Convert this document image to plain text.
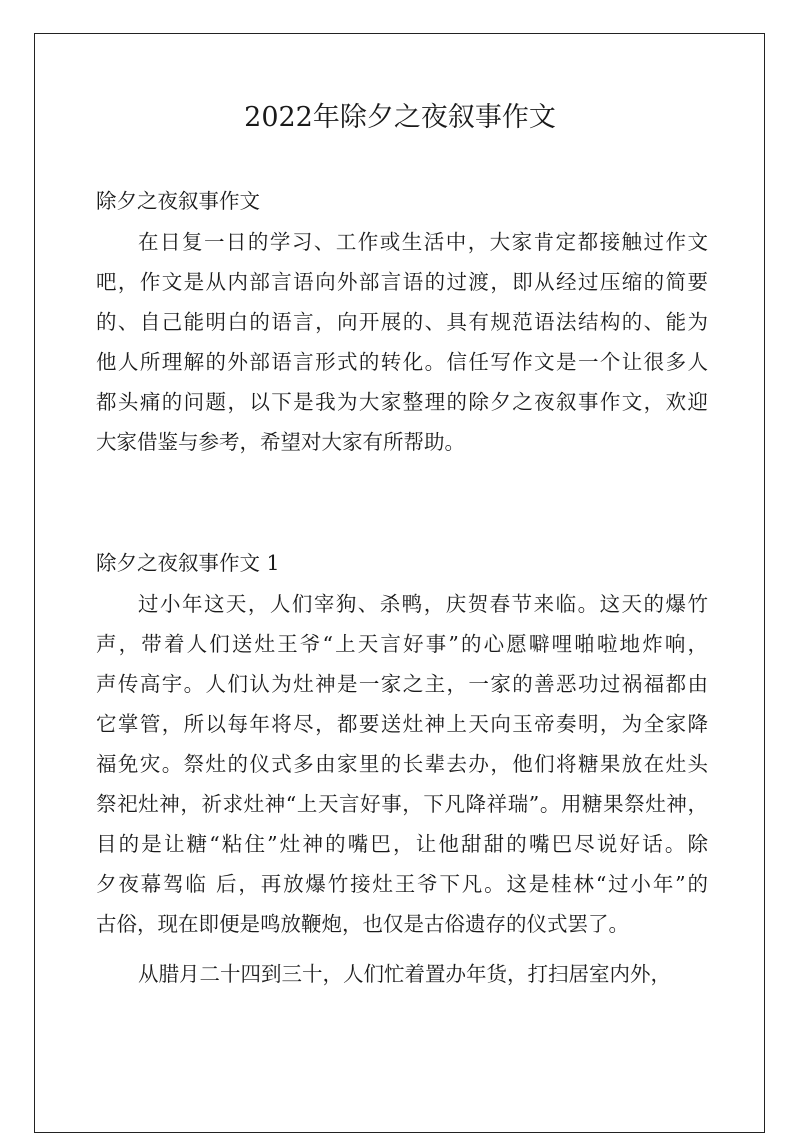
2022年除夕之夜叙事作文
除夕之夜叙事作文
在日复一日的学习、工作或生活中，大家肯定都接触过作文
吧，作文是从内部言语向外部言语的过渡，即从经过压缩的简要
的、自己能明白的语言，向开展的、具有规范语法结构的、能为
他人所理解的外部语言形式的转化。信任写作文是一个让很多人
都头痛的问题，以下是我为大家整理的除夕之夜叙事作文，欢迎
大家借鉴与参考，希望对大家有所帮助。
除夕之夜叙事作文 1
过小年这天，人们宰狗、杀鸭，庆贺春节来临。这天的爆竹
声，带着人们送灶王爷“上天言好事”的心愿噼哩啪啦地炸响，
声传高宇。人们认为灶神是一家之主，一家的善恶功过祸福都由
它掌管，所以每年将尽，都要送灶神上天向玉帝奏明，为全家降
福免灾。祭灶的仪式多由家里的长辈去办，他们将糖果放在灶头
祭祀灶神，祈求灶神“上天言好事，下凡降祥瑞”。用糖果祭灶神，
目的是让糖“粘住”灶神的嘴巴，让他甜甜的嘴巴尽说好话。除
夕夜幕驾临 后，再放爆竹接灶王爷下凡。这是桂林“过小年”的
古俗，现在即便是鸣放鞭炮，也仅是古俗遗存的仪式罢了。
从腊月二十四到三十，人们忙着置办年货，打扫居室内外，
